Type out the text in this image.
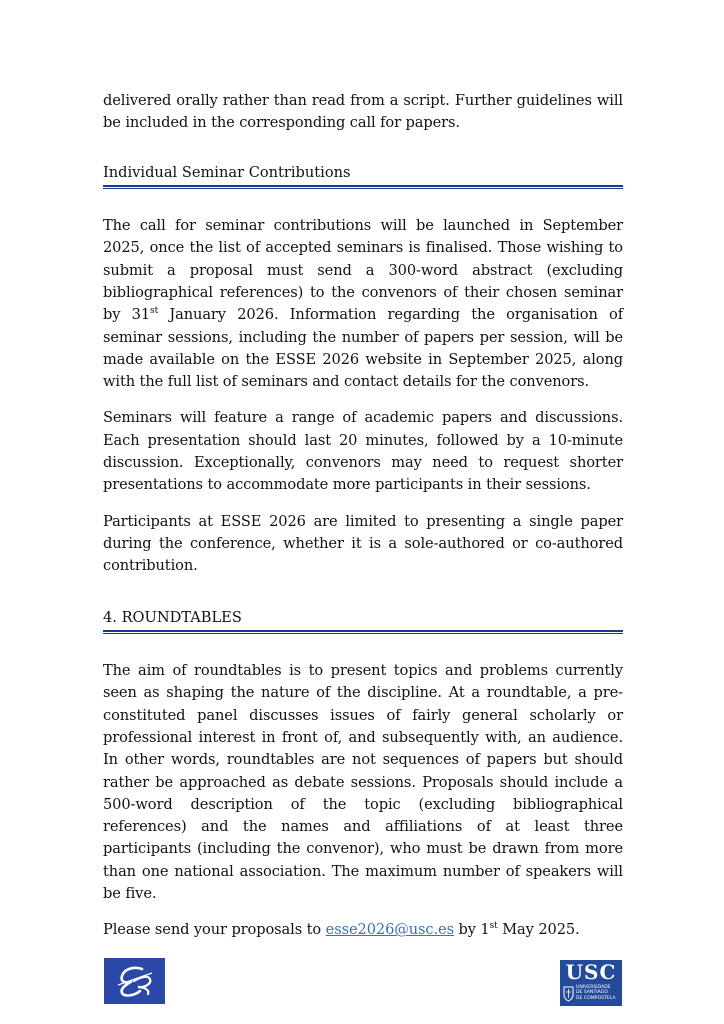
delivered orally rather than read from a script. Further guidelines will be included in the corresponding call for papers.

Individual Seminar Contributions

The call for seminar contributions will be launched in September 2025, once the list of accepted seminars is finalised. Those wishing to submit a proposal must send a 300-word abstract (excluding bibliographical references) to the convenors of their chosen seminar by 31st January 2026. Information regarding the organisation of seminar sessions, including the number of papers per session, will be made available on the ESSE 2026 website in September 2025, along with the full list of seminars and contact details for the convenors.

Seminars will feature a range of academic papers and discussions. Each presentation should last 20 minutes, followed by a 10-minute discussion. Exceptionally, convenors may need to request shorter presentations to accommodate more participants in their sessions.

Participants at ESSE 2026 are limited to presenting a single paper during the conference, whether it is a sole-authored or co-authored contribution.

4. ROUNDTABLES

The aim of roundtables is to present topics and problems currently seen as shaping the nature of the discipline. At a roundtable, a pre-constituted panel discusses issues of fairly general scholarly or professional interest in front of, and subsequently with, an audience. In other words, roundtables are not sequences of papers but should rather be approached as debate sessions. Proposals should include a 500-word description of the topic (excluding bibliographical references) and the names and affiliations of at least three participants (including the convenor), who must be drawn from more than one national association. The maximum number of speakers will be five.

Please send your proposals to esse2026@usc.es by 1st May 2025.

USC
UNIVERSIDADE
DE SANTIAGO
DE COMPOSTELA
